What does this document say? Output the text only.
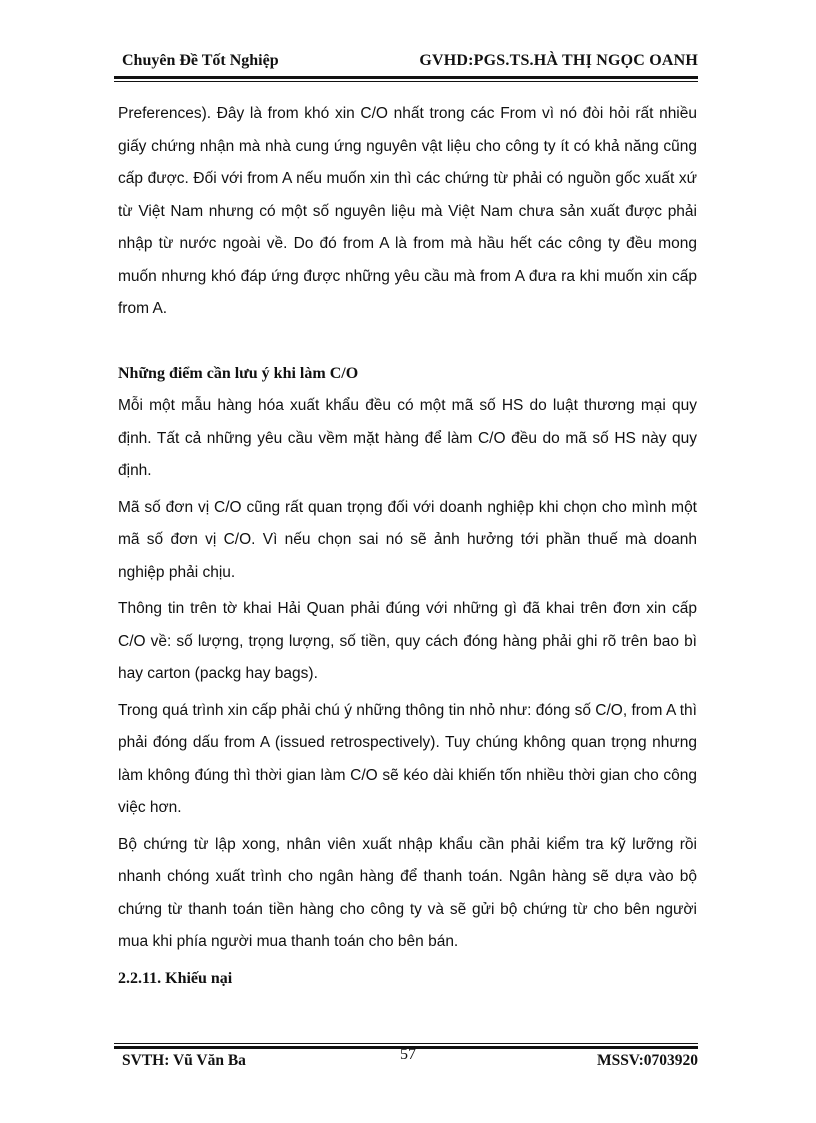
Chuyên Đề Tốt Nghiệp	GVHD:PGS.TS.HÀ THỊ NGỌC OANH

Preferences). Đây là from khó xin C/O nhất trong các From vì nó đòi hỏi rất nhiều giấy chứng nhận mà nhà cung ứng nguyên vật liệu cho công ty ít có khả năng cũng cấp được. Đối với from A nếu muốn xin thì các chứng từ phải có nguồn gốc xuất xứ từ Việt Nam nhưng có một số nguyên liệu mà Việt Nam chưa sản xuất được phải nhập từ nước ngoài về. Do đó from A là from mà hầu hết các công ty đều mong muốn nhưng khó đáp ứng được những yêu cầu mà from A đưa ra khi muốn xin cấp from A.

Những điểm cần lưu ý khi làm C/O

Mỗi một mẫu hàng hóa xuất khẩu đều có một mã số HS do luật thương mại quy định. Tất cả những yêu cầu vềm mặt hàng để làm C/O đều do mã số HS này quy định.

Mã số đơn vị C/O cũng rất quan trọng đối với doanh nghiệp khi chọn cho mình một mã số đơn vị C/O. Vì nếu chọn sai nó sẽ ảnh hưởng tới phần thuế mà doanh nghiệp phải chịu.

Thông tin trên tờ khai Hải Quan phải đúng với những gì đã khai trên đơn xin cấp C/O về: số lượng, trọng lượng, số tiền, quy cách đóng hàng phải ghi rõ trên bao bì hay carton (packg hay bags).

Trong quá trình xin cấp phải chú ý những thông tin nhỏ như: đóng số C/O, from A thì phải đóng dấu from A (issued retrospectively). Tuy chúng không quan trọng nhưng làm không đúng thì thời gian làm C/O sẽ kéo dài khiến tốn nhiều thời gian cho công việc hơn.

Bộ chứng từ lập xong, nhân viên xuất nhập khẩu cần phải kiểm tra kỹ lưỡng rồi nhanh chóng xuất trình cho ngân hàng để thanh toán. Ngân hàng sẽ dựa vào bộ chứng từ thanh toán tiền hàng cho công ty và sẽ gửi bộ chứng từ cho bên người mua khi phía người mua thanh toán cho bên bán.

2.2.11. Khiếu nại

SVTH: Vũ Văn Ba	57	MSSV:0703920
